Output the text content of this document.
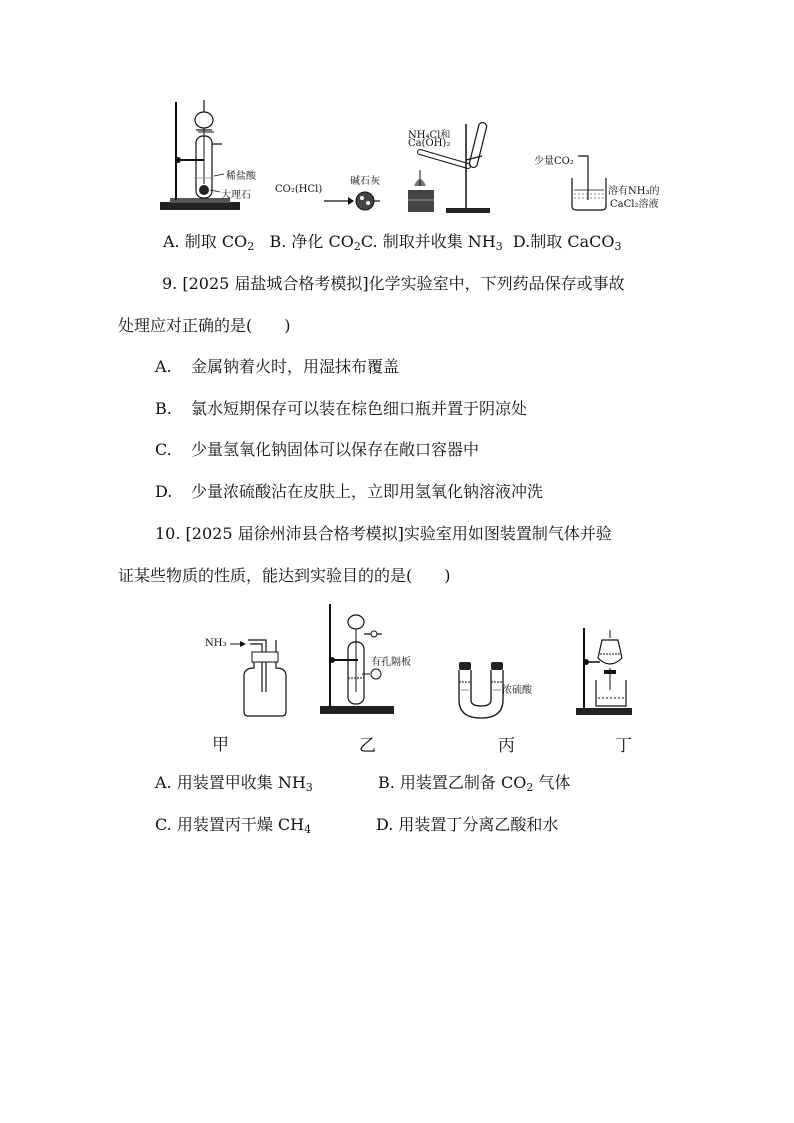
稀盐酸
大理石
CO₂(HCl)
碱石灰
NH₄Cl和
Ca(OH)₂
少量CO₂
溶有NH₃的
CaCl₂溶液
A. 制取 $CO_2$ B. 净化 $CO_2C$. 制取并收集 $NH_3$ D.制取 CaCO$_3$
9. [2025 届盐城合格考模拟]化学实验室中，下列药品保存或事故
处理应对正确的是(　　)
A. 金属钠着火时，用湿抹布覆盖
B. 氯水短期保存可以装在棕色细口瓶并置于阴凉处
C. 少量氢氧化钠固体可以保存在敞口容器中
D. 少量浓硫酸沾在皮肤上，立即用氢氧化钠溶液冲洗
10. [2025 届徐州沛县合格考模拟]实验室用如图装置制气体并验
证某些物质的性质，能达到实验目的的是(　　)
NH₃
有孔隔板
浓硫酸
甲	乙	丙	丁
A. 用装置甲收集 $NH_3$	B. 用装置乙制备 $CO_2$ 气体
C. 用装置丙干燥 $CH_4$	D. 用装置丁分离乙酸和水
